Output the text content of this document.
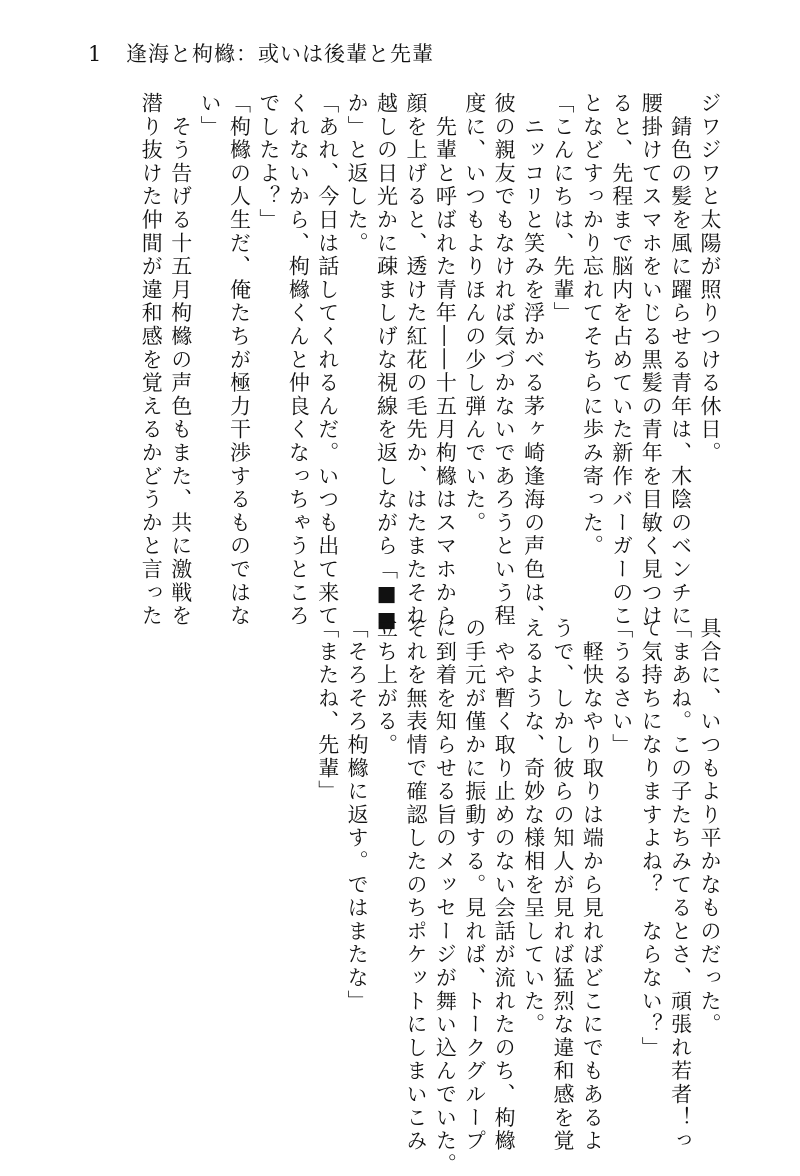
1 逢海と枸櫞：或いは後輩と先輩

ジワジワと太陽が照りつける休日。

　錆色の髪を風に躍らせる青年は、木陰のベンチに

腰掛けてスマホをいじる黒髪の青年を目敏く見つけ

ると、先程まで脳内を占めていた新作バーガーのこ

となどすっかり忘れてそちらに歩み寄った。

「こんにちは、先輩」

　ニッコリと笑みを浮かべる茅ヶ崎逢海の声色は、

彼の親友でもなければ気づかないであろうという程

度に、いつもよりほんの少し弾んでいた。

　先輩と呼ばれた青年――十五月枸櫞はスマホから

顔を上げると、透けた紅花の毛先か、はたまたそれ

越しの日光かに疎ましげな視線を返しながら「■■

か」と返した。

「あれ、今日は話してくれるんだ。いつも出て来て

くれないから、枸櫞くんと仲良くなっちゃうところ

でしたよ？」

「枸櫞の人生だ、俺たちが極力干渉するものではな

い」

　そう告げる十五月枸櫞の声色もまた、共に激戦を

潜り抜けた仲間が違和感を覚えるかどうかと言った

具合に、いつもより平かなものだった。

「まあね。この子たちみてるとさ、頑張れ若者！っ

て気持ちになりますよね？　ならない？」

「うるさい」

　軽快なやり取りは端から見ればどこにでもあるよ

うで、しかし彼らの知人が見れば猛烈な違和感を覚

えるような、奇妙な様相を呈していた。

　やや暫く取り止めのない会話が流れたのち、枸櫞

の手元が僅かに振動する。見れば、トークグループ

に到着を知らせる旨のメッセージが舞い込んでいた。

それを無表情で確認したのちポケットにしまいこみ

立ち上がる。

「そろそろ枸櫞に返す。ではまたな」

「またね、先輩」
